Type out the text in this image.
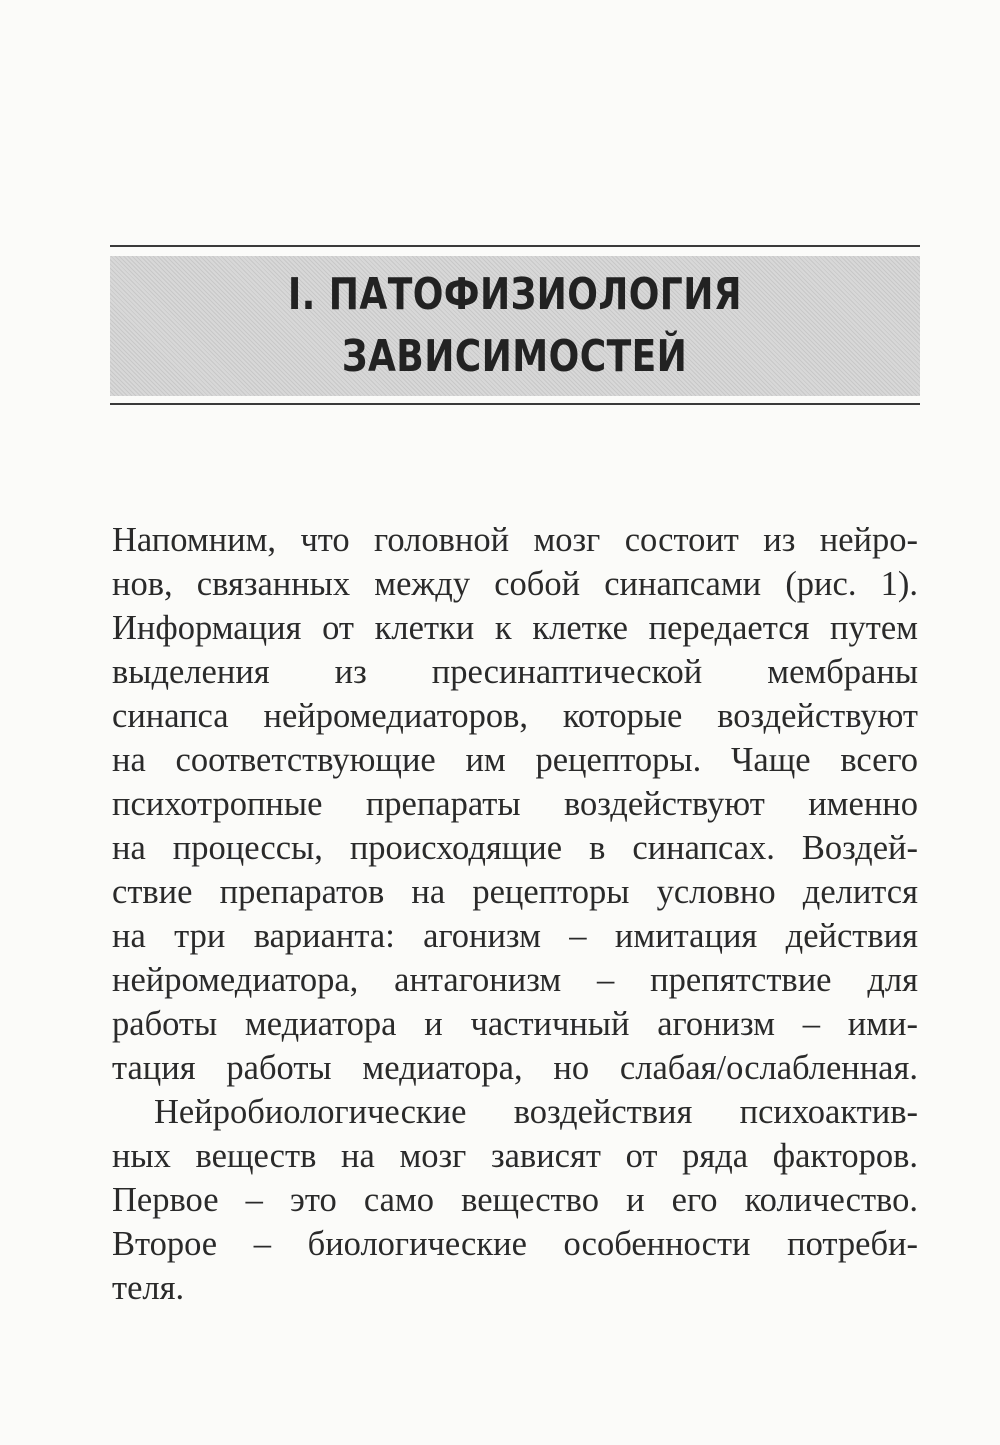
I. ПАТОФИЗИОЛОГИЯ
ЗАВИСИМОСТЕЙ
Напомним, что головной мозг состоит из нейро-
нов, связанных между собой синапсами (рис. 1).
Информация от клетки к клетке передается путем
выделения из пресинаптической мембраны
синапса нейромедиаторов, которые воздействуют
на соответствующие им рецепторы. Чаще всего
психотропные препараты воздействуют именно
на процессы, происходящие в синапсах. Воздей-
ствие препаратов на рецепторы условно делится
на три варианта: агонизм – имитация действия
нейромедиатора, антагонизм – препятствие для
работы медиатора и частичный агонизм – ими-
тация работы медиатора, но слабая/ослабленная.
Нейробиологические воздействия психоактив-
ных веществ на мозг зависят от ряда факторов.
Первое – это само вещество и его количество.
Второе – биологические особенности потреби-
теля.
